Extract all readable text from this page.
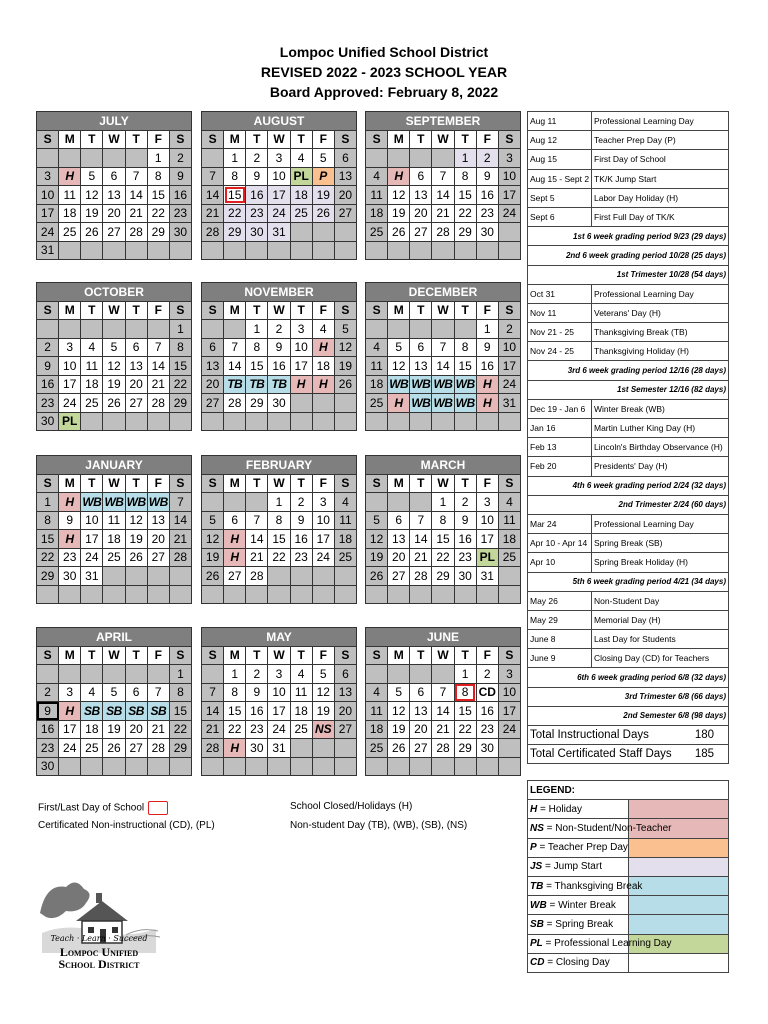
Lompoc Unified School District
REVISED 2022 - 2023 SCHOOL YEAR
Board Approved: February 8, 2022
JULY						
S	M	T	W	T	F	S
					1	2
3	H	5	6	7	8	9
10	11	12	13	14	15	16
17	18	19	20	21	22	23
24	25	26	27	28	29	30
31						
AUGUST						
S	M	T	W	T	F	S
	1	2	3	4	5	6
7	8	9	10	PL	P	13
14	15	16	17	18	19	20
21	22	23	24	25	26	27
28	29	30	31			

SEPTEMBER						
S	M	T	W	T	F	S
				1	2	3
4	H	6	7	8	9	10
11	12	13	14	15	16	17
18	19	20	21	22	23	24
25	26	27	28	29	30	

OCTOBER						
S	M	T	W	T	F	S
						1
2	3	4	5	6	7	8
9	10	11	12	13	14	15
16	17	18	19	20	21	22
23	24	25	26	27	28	29
30	PL					
NOVEMBER						
S	M	T	W	T	F	S
		1	2	3	4	5
6	7	8	9	10	H	12
13	14	15	16	17	18	19
20	TB	TB	TB	H	H	26
27	28	29	30			

DECEMBER						
S	M	T	W	T	F	S
					1	2
4	5	6	7	8	9	10
11	12	13	14	15	16	17
18	WB	WB	WB	WB	H	24
25	H	WB	WB	WB	H	31

JANUARY						
S	M	T	W	T	F	S
1	H	WB	WB	WB	WB	7
8	9	10	11	12	13	14
15	H	17	18	19	20	21
22	23	24	25	26	27	28
29	30	31				

FEBRUARY						
S	M	T	W	T	F	S
			1	2	3	4
5	6	7	8	9	10	11
12	H	14	15	16	17	18
19	H	21	22	23	24	25
26	27	28				

MARCH						
S	M	T	W	T	F	S
			1	2	3	4
5	6	7	8	9	10	11
12	13	14	15	16	17	18
19	20	21	22	23	PL	25
26	27	28	29	30	31	

APRIL						
S	M	T	W	T	F	S
						1
2	3	4	5	6	7	8
9	H	SB	SB	SB	SB	15
16	17	18	19	20	21	22
23	24	25	26	27	28	29
30						
MAY						
S	M	T	W	T	F	S
	1	2	3	4	5	6
7	8	9	10	11	12	13
14	15	16	17	18	19	20
21	22	23	24	25	NS	27
28	H	30	31			

JUNE						
S	M	T	W	T	F	S
				1	2	3
4	5	6	7	8	CD	10
11	12	13	14	15	16	17
18	19	20	21	22	23	24
25	26	27	28	29	30	

Aug 11	Professional Learning Day
Aug 12	Teacher Prep Day (P)
Aug 15	First Day of School
Aug 15 - Sept 2	TK/K Jump Start
Sept 5	Labor Day Holiday (H)
Sept 6	First Full Day of TK/K
1st 6 week grading period 9/23 (29 days)	
2nd 6 week grading period 10/28 (25 days)	
1st Trimester 10/28 (54 days)	
Oct 31	Professional Learning Day
Nov 11	Veterans' Day (H)
Nov 21 - 25	Thanksgiving Break (TB)
Nov 24 - 25	Thanksgiving Holiday (H)
3rd 6 week grading period 12/16 (28 days)	
1st Semester 12/16 (82 days)	
Dec 19 - Jan 6	Winter Break (WB)
Jan 16	Martin Luther King Day (H)
Feb 13	Lincoln's Birthday Observance (H)
Feb 20	Presidents' Day (H)
4th 6 week grading period 2/24 (32 days)	
2nd Trimester 2/24 (60 days)	
Mar 24	Professional Learning Day
Apr 10 - Apr 14	Spring Break (SB)
Apr 10	Spring Break Holiday (H)
5th 6 week grading period 4/21 (34 days)	
May 26	Non-Student Day
May 29	Memorial Day (H)
June 8	Last Day for Students
June 9	Closing Day (CD) for Teachers
6th 6 week grading period 6/8 (32 days)	
3rd Trimester 6/8 (66 days)	
2nd Semester 6/8 (98 days)	
Total Instructional Days 180	

Total Certificated Staff Days 185	
LEGEND:	
H = Holiday	
NS = Non-Student/Non-Teacher	
P = Teacher Prep Day	
JS = Jump Start	
TB = Thanksgiving Break	
WB = Winter Break	
SB = Spring Break	
PL = Professional Learning Day	
CD = Closing Day	
First/Last Day of School
Certificated Non-instructional (CD), (PL)
School Closed/Holidays (H)
Non-student Day (TB), (WB), (SB), (NS)
Teach · Learn · Succeed
Lompoc Unified
School District
